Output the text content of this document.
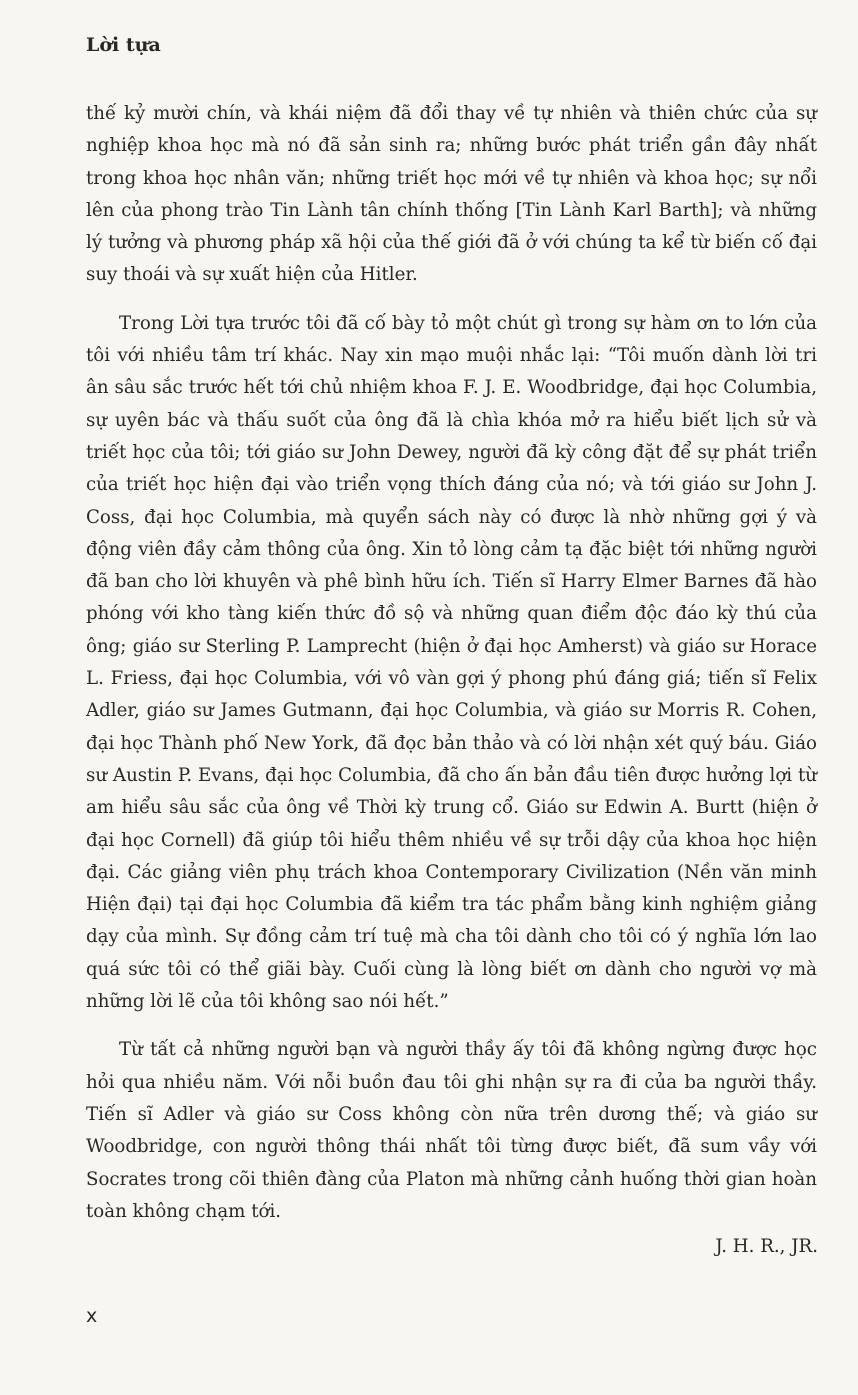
Lời tựa

thế kỷ mười chín, và khái niệm đã đổi thay về tự nhiên và thiên chức của sự nghiệp khoa học mà nó đã sản sinh ra; những bước phát triển gần đây nhất trong khoa học nhân văn; những triết học mới về tự nhiên và khoa học; sự nổi lên của phong trào Tin Lành tân chính thống [Tin Lành Karl Barth]; và những lý tưởng và phương pháp xã hội của thế giới đã ở với chúng ta kể từ biến cố đại suy thoái và sự xuất hiện của Hitler.

Trong Lời tựa trước tôi đã cố bày tỏ một chút gì trong sự hàm ơn to lớn của tôi với nhiều tâm trí khác. Nay xin mạo muội nhắc lại: “Tôi muốn dành lời tri ân sâu sắc trước hết tới chủ nhiệm khoa F. J. E. Woodbridge, đại học Columbia, sự uyên bác và thấu suốt của ông đã là chìa khóa mở ra hiểu biết lịch sử và triết học của tôi; tới giáo sư John Dewey, người đã kỳ công đặt để sự phát triển của triết học hiện đại vào triển vọng thích đáng của nó; và tới giáo sư John J. Coss, đại học Columbia, mà quyển sách này có được là nhờ những gợi ý và động viên đầy cảm thông của ông. Xin tỏ lòng cảm tạ đặc biệt tới những người đã ban cho lời khuyên và phê bình hữu ích. Tiến sĩ Harry Elmer Barnes đã hào phóng với kho tàng kiến thức đồ sộ và những quan điểm độc đáo kỳ thú của ông; giáo sư Sterling P. Lamprecht (hiện ở đại học Amherst) và giáo sư Horace L. Friess, đại học Columbia, với vô vàn gợi ý phong phú đáng giá; tiến sĩ Felix Adler, giáo sư James Gutmann, đại học Columbia, và giáo sư Morris R. Cohen, đại học Thành phố New York, đã đọc bản thảo và có lời nhận xét quý báu. Giáo sư Austin P. Evans, đại học Columbia, đã cho ấn bản đầu tiên được hưởng lợi từ am hiểu sâu sắc của ông về Thời kỳ trung cổ. Giáo sư Edwin A. Burtt (hiện ở đại học Cornell) đã giúp tôi hiểu thêm nhiều về sự trỗi dậy của khoa học hiện đại. Các giảng viên phụ trách khoa Contemporary Civilization (Nền văn minh Hiện đại) tại đại học Columbia đã kiểm tra tác phẩm bằng kinh nghiệm giảng dạy của mình. Sự đồng cảm trí tuệ mà cha tôi dành cho tôi có ý nghĩa lớn lao quá sức tôi có thể giãi bày. Cuối cùng là lòng biết ơn dành cho người vợ mà những lời lẽ của tôi không sao nói hết.”

Từ tất cả những người bạn và người thầy ấy tôi đã không ngừng được học hỏi qua nhiều năm. Với nỗi buồn đau tôi ghi nhận sự ra đi của ba người thầy. Tiến sĩ Adler và giáo sư Coss không còn nữa trên dương thế; và giáo sư Woodbridge, con người thông thái nhất tôi từng được biết, đã sum vầy với Socrates trong cõi thiên đàng của Platon mà những cảnh huống thời gian hoàn toàn không chạm tới.

J. H. R., JR.
x
